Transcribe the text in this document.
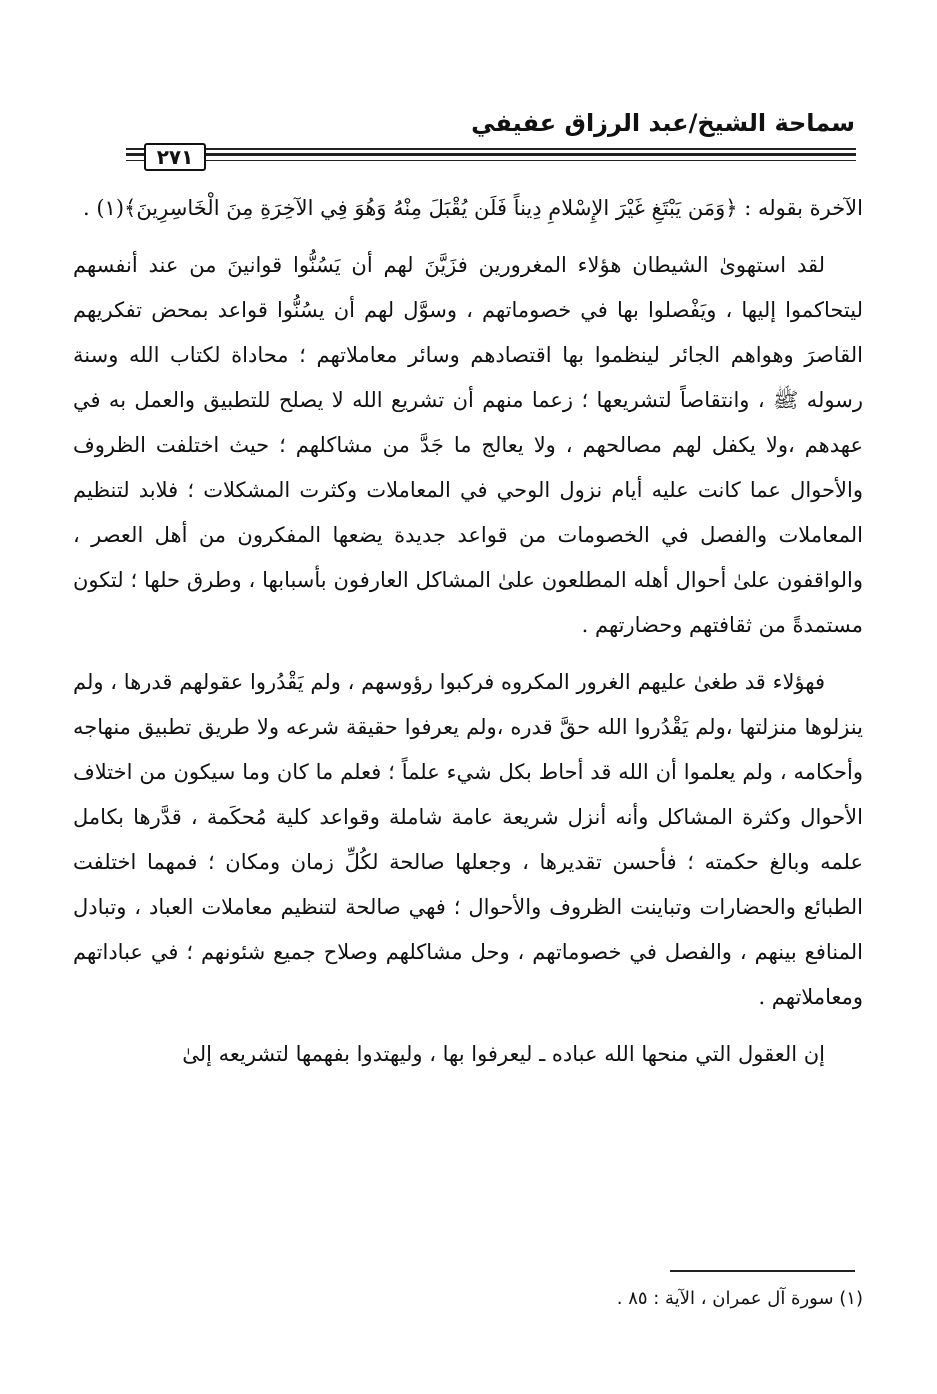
سماحة الشيخ/عبد الرزاق عفيفي
٢٧١

الآخرة بقوله : ﴿وَمَن يَبْتَغِ غَيْرَ الإِسْلامِ دِيناً فَلَن يُقْبَلَ مِنْهُ وَهُوَ فِي الآخِرَةِ مِنَ الْخَاسِرِينَ﴾(١) .

لقد استهوىٰ الشيطان هؤلاء المغرورين فزَيَّنَ لهم أن يَسُنُّوا قوانينَ من عند أنفسهم ليتحاكموا إليها ، ويَفْصلوا بها في خصوماتهم ، وسوَّل لهم أن يسُنُّوا قواعد بمحض تفكريهم القاصرَ وهواهم الجائر لينظموا بها اقتصادهم وسائر معاملاتهم ؛ محاداة لكتاب الله وسنة رسوله ﷺ ، وانتقاصاً لتشريعها ؛ زعما منهم أن تشريع الله لا يصلح للتطبيق والعمل به في عهدهم ،ولا يكفل لهم مصالحهم ، ولا يعالج ما جَدَّ من مشاكلهم ؛ حيث اختلفت الظروف والأحوال عما كانت عليه أيام نزول الوحي في المعاملات وكثرت المشكلات ؛ فلابد لتنظيم المعاملات والفصل في الخصومات من قواعد جديدة يضعها المفكرون من أهل العصر ، والواقفون علىٰ أحوال أهله المطلعون علىٰ المشاكل العارفون بأسبابها ، وطرق حلها ؛ لتكون مستمدةً من ثقافتهم وحضارتهم .

فهؤلاء قد طغىٰ عليهم الغرور المكروه فركبوا رؤوسهم ، ولم يَقْدُروا عقولهم قدرها ، ولم ينزلوها منزلتها ،ولم يَقْدُروا الله حقَّ قدره ،ولم يعرفوا حقيقة شرعه ولا طريق تطبيق منهاجه وأحكامه ، ولم يعلموا أن الله قد أحاط بكل شيء علماً ؛ فعلم ما كان وما سيكون من اختلاف الأحوال وكثرة المشاكل وأنه أنزل شريعة عامة شاملة وقواعد كلية مُحكَمة ، قدَّرها بكامل علمه وبالغ حكمته ؛ فأحسن تقديرها ، وجعلها صالحة لكُلِّ زمان ومكان ؛ فمهما اختلفت الطبائع والحضارات وتباينت الظروف والأحوال ؛ فهي صالحة لتنظيم معاملات العباد ، وتبادل المنافع بينهم ، والفصل في خصوماتهم ، وحل مشاكلهم وصلاح جميع شئونهم ؛ في عباداتهم ومعاملاتهم .

إن العقول التي منحها الله عباده ـ ليعرفوا بها ، وليهتدوا بفهمها لتشريعه إلىٰ

(١) سورة آل عمران ، الآية : ٨٥ .
